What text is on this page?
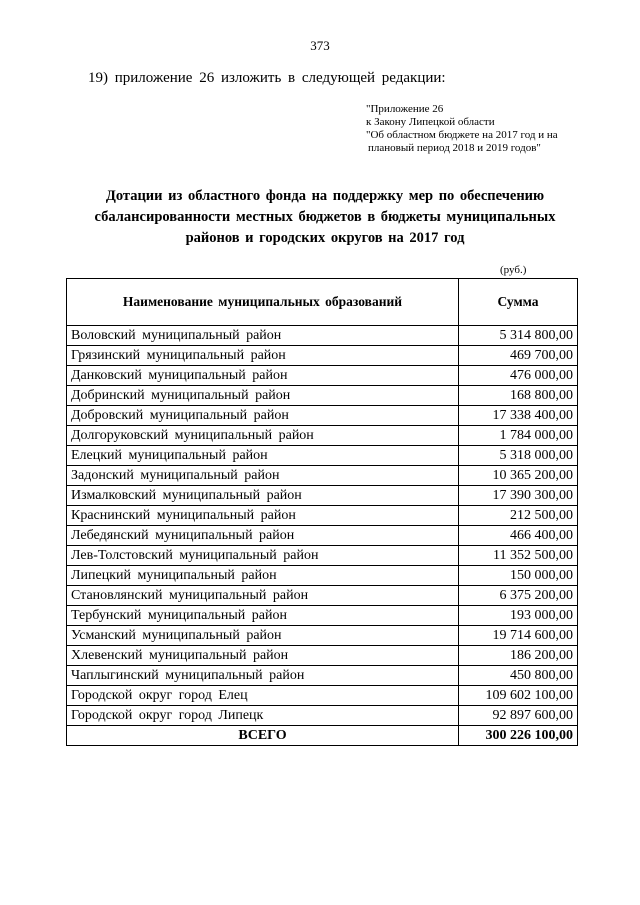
373
19) приложение 26 изложить в следующей редакции:
"Приложение 26
к Закону Липецкой области
"Об областном бюджете на 2017 год и на
плановый период 2018 и 2019 годов"
Дотации из областного фонда на поддержку мер по обеспечению сбалансированности местных бюджетов в бюджеты муниципальных районов и городских округов на 2017 год
(руб.)
Наименование муниципальных образований	Сумма
Воловский муниципальный район	5 314 800,00
Грязинский муниципальный район	469 700,00
Данковский муниципальный район	476 000,00
Добринский муниципальный район	168 800,00
Добровский муниципальный район	17 338 400,00
Долгоруковский муниципальный район	1 784 000,00
Елецкий муниципальный район	5 318 000,00
Задонский муниципальный район	10 365 200,00
Измалковский муниципальный район	17 390 300,00
Краснинский муниципальный район	212 500,00
Лебедянский муниципальный район	466 400,00
Лев-Толстовский муниципальный район	11 352 500,00
Липецкий муниципальный район	150 000,00
Становлянский муниципальный район	6 375 200,00
Тербунский муниципальный район	193 000,00
Усманский муниципальный район	19 714 600,00
Хлевенский муниципальный район	186 200,00
Чаплыгинский муниципальный район	450 800,00
Городской округ город Елец	109 602 100,00
Городской округ город Липецк	92 897 600,00
ВСЕГО	300 226 100,00
